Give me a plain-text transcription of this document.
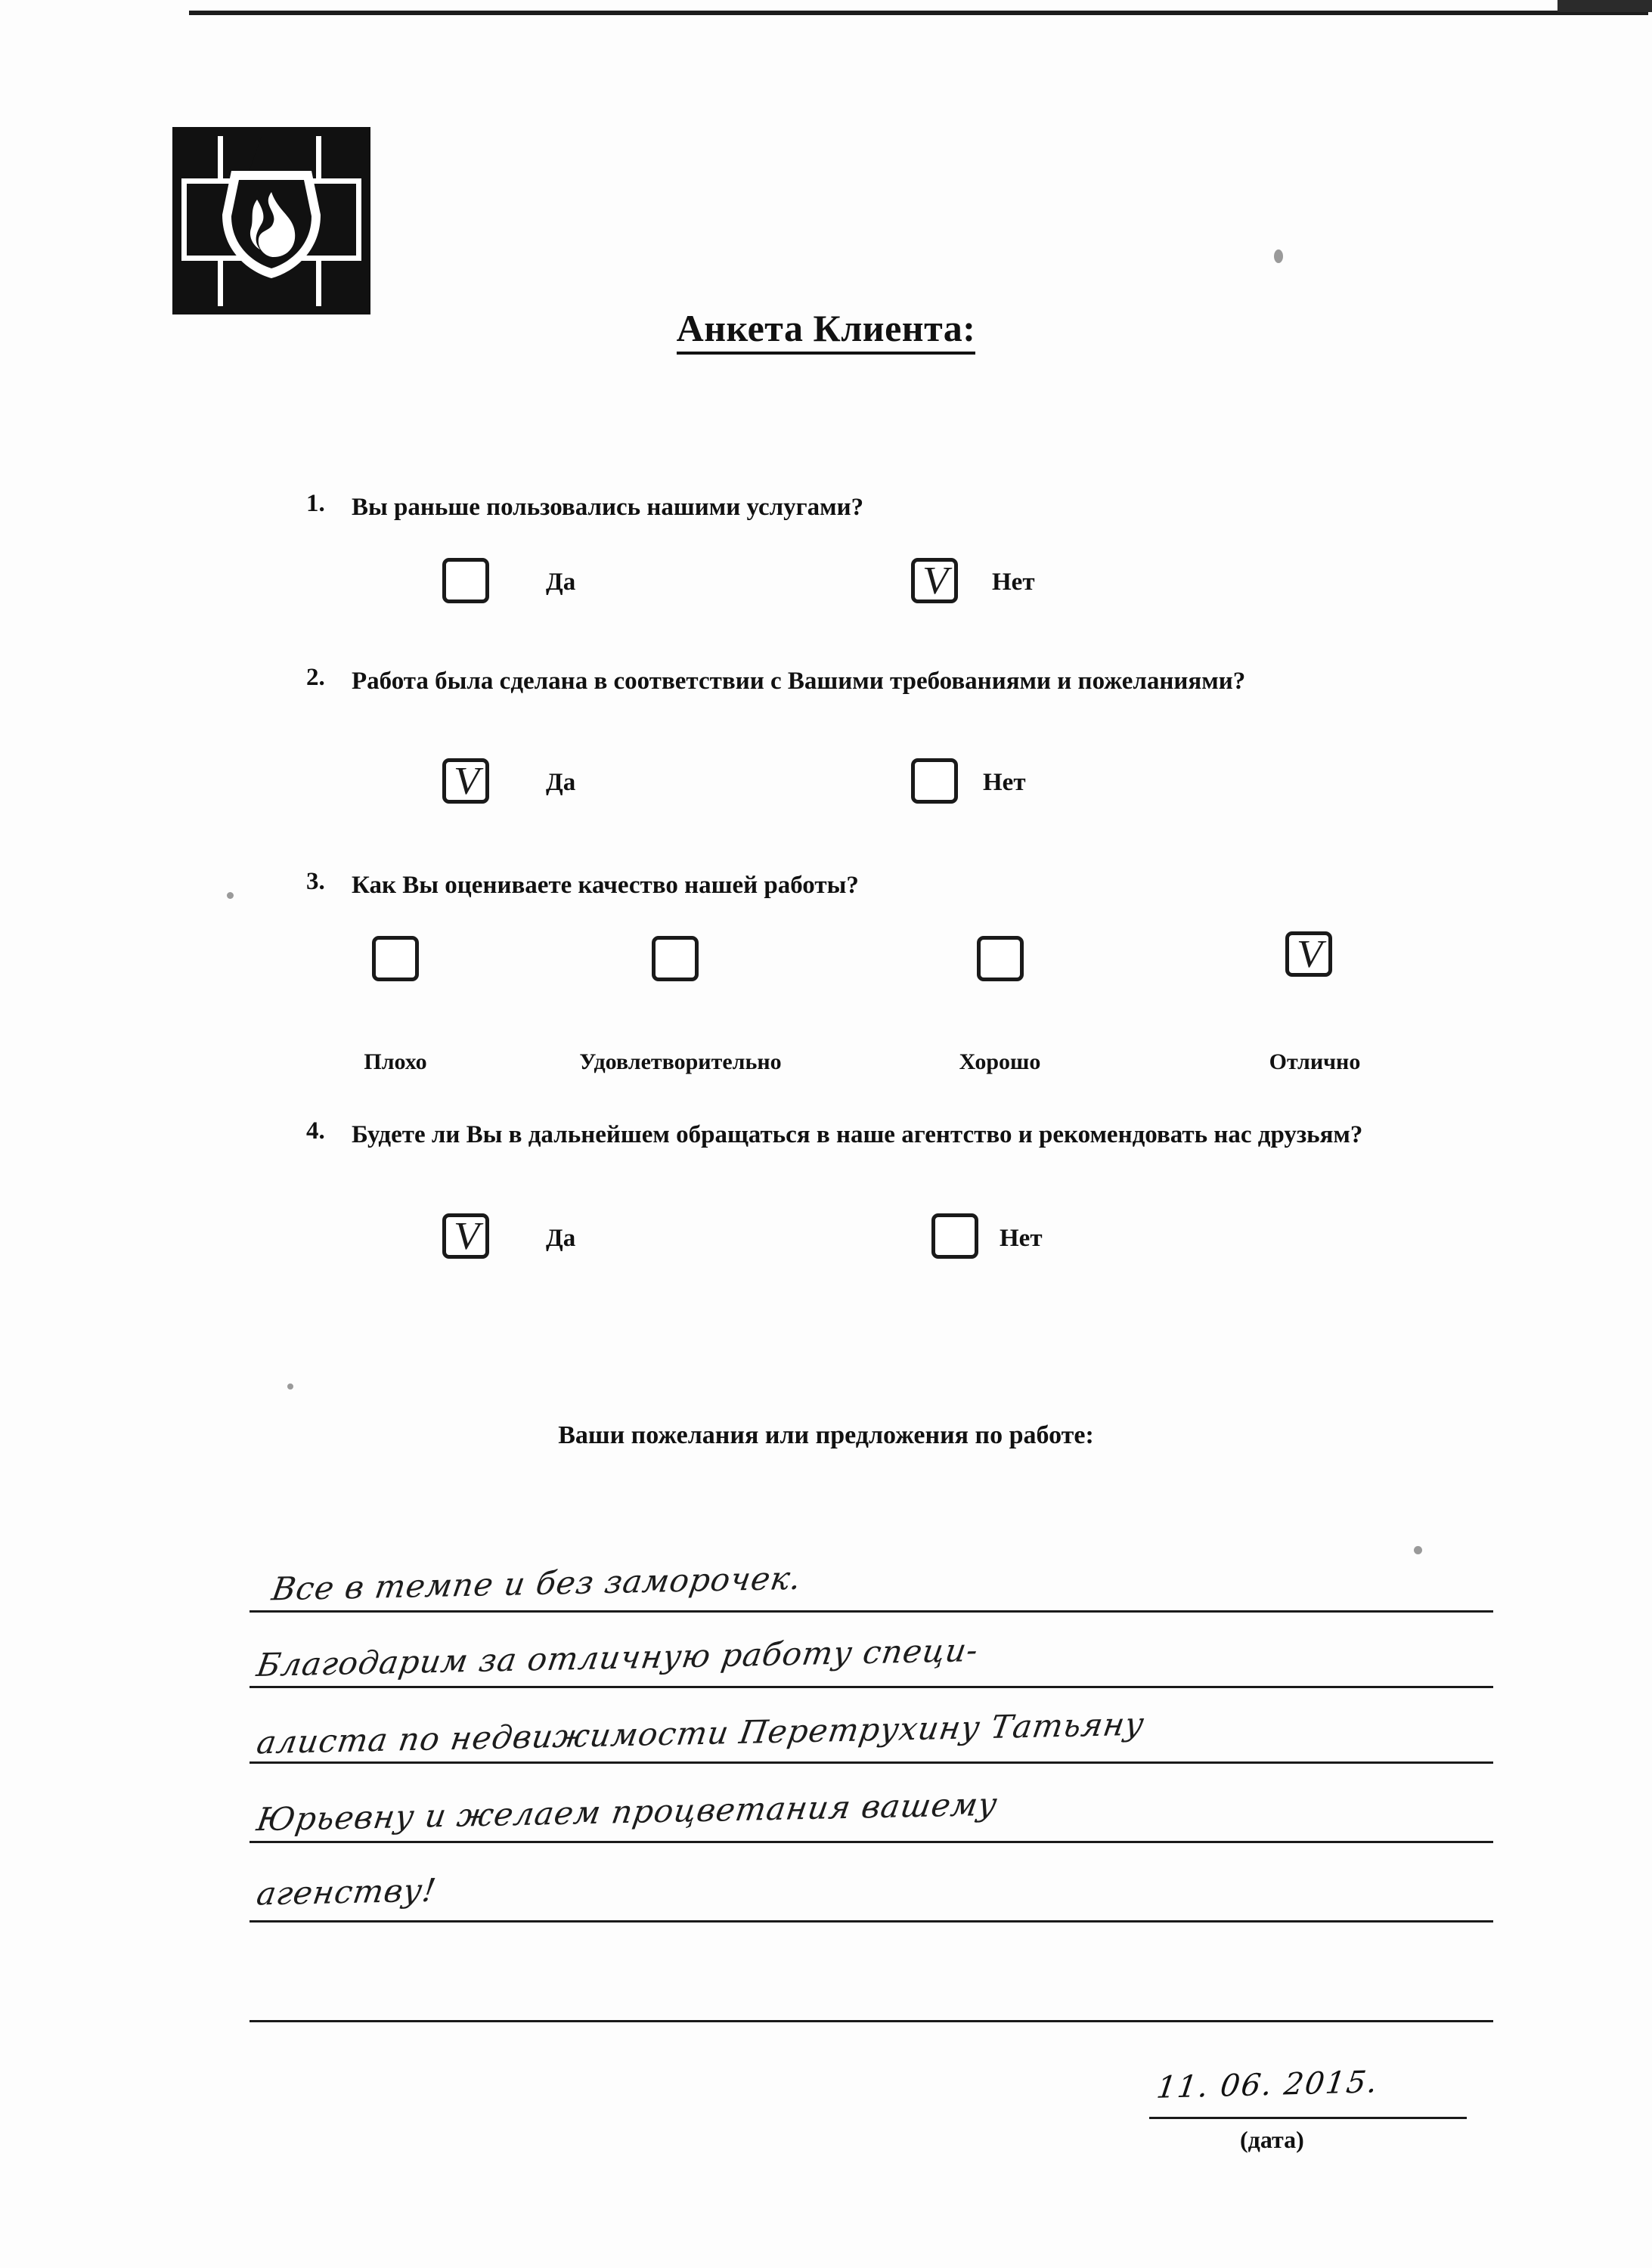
Анкета Клиента:
1. Вы раньше пользовались нашими услугами?
Да	V Нет
2. Работа была сделана в соответствии с Вашими требованиями и пожеланиями?
V Да	Нет
3. Как Вы оцениваете качество нашей работы?
Плохо	Удовлетворительно	Хорошо
V
Отлично
4. Будете ли Вы в дальнейшем обращаться в наше агентство и рекомендовать нас друзьям?
V Да	Нет
Ваши пожелания или предложения по работе:
Все в темпе и без заморочек.
Благодарим за отличную работу специ-
алиста по недвижимости Перетрухину Татьяну
Юрьевну и желаем процветания вашему
агенству!
11. 06. 2015.
(дата)
